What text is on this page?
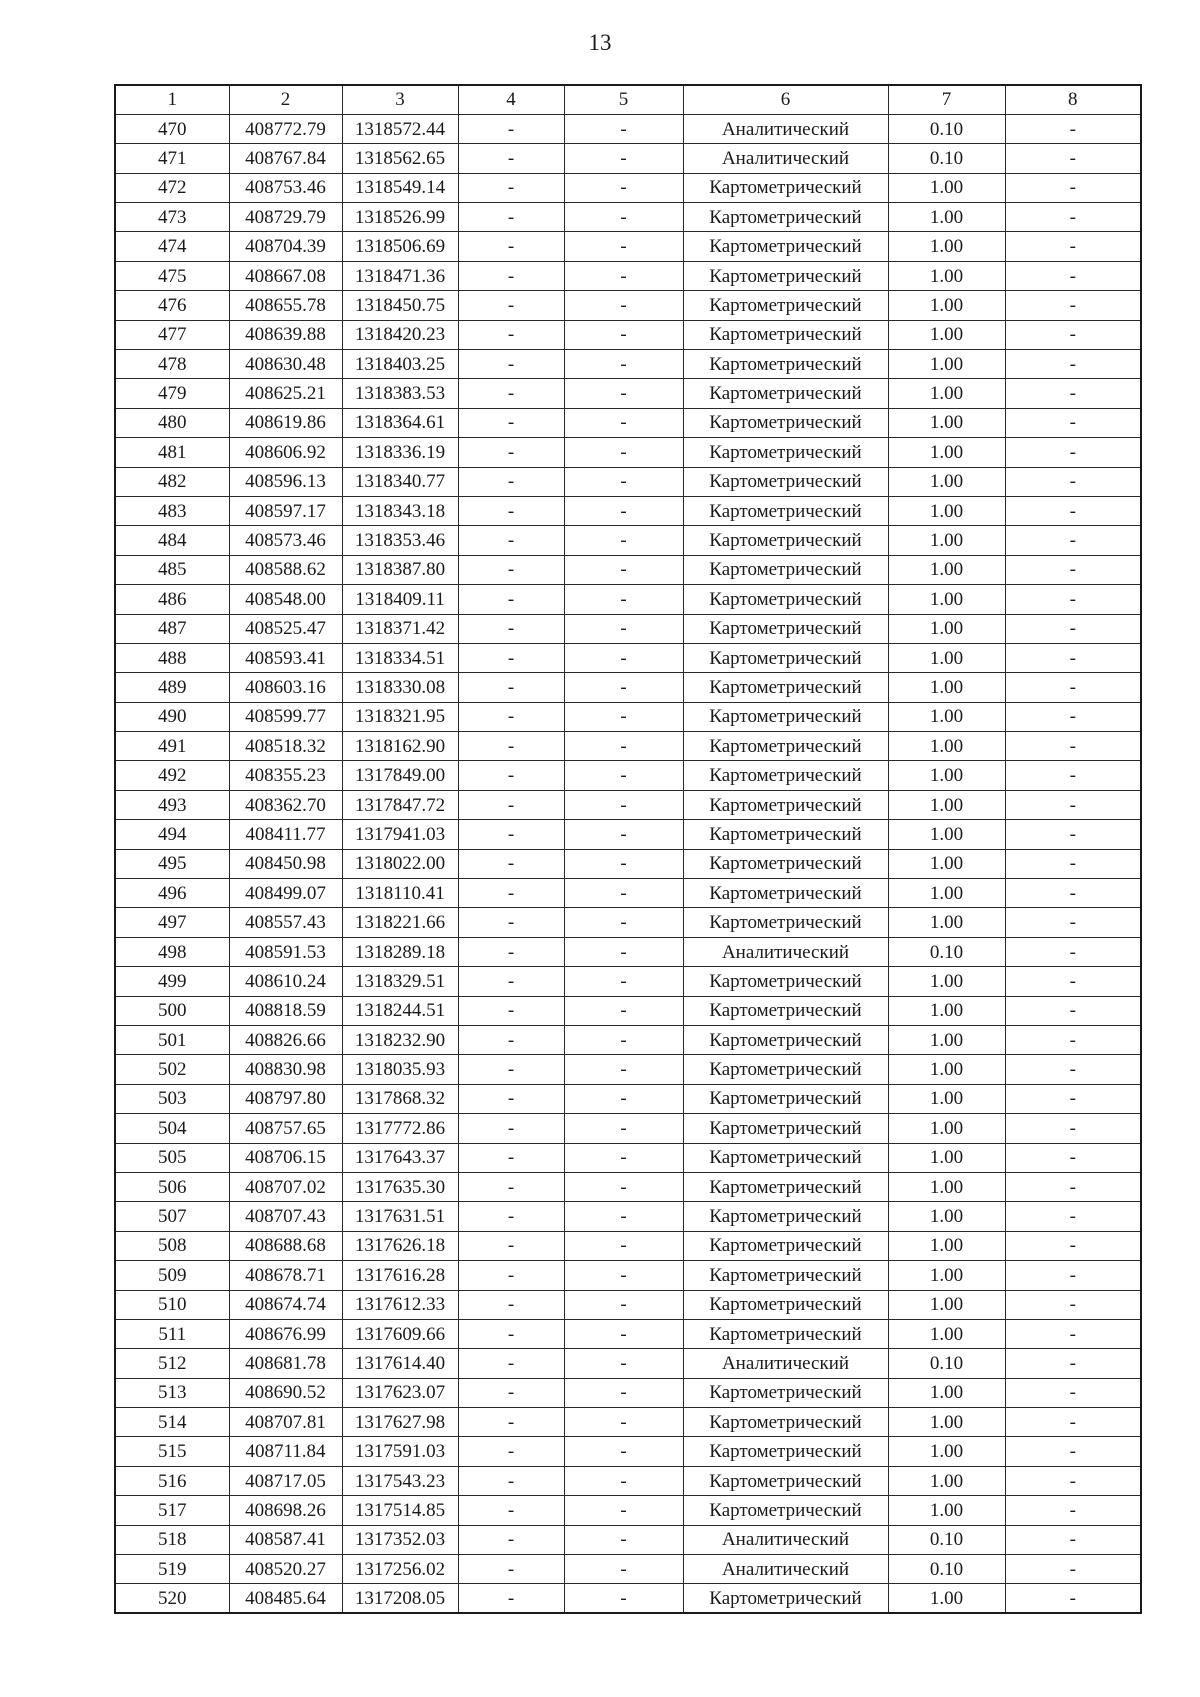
13
1	2	3	4	5	6	7	8
470	408772.79	1318572.44	-	-	Аналитический	0.10	-
471	408767.84	1318562.65	-	-	Аналитический	0.10	-
472	408753.46	1318549.14	-	-	Картометрический	1.00	-
473	408729.79	1318526.99	-	-	Картометрический	1.00	-
474	408704.39	1318506.69	-	-	Картометрический	1.00	-
475	408667.08	1318471.36	-	-	Картометрический	1.00	-
476	408655.78	1318450.75	-	-	Картометрический	1.00	-
477	408639.88	1318420.23	-	-	Картометрический	1.00	-
478	408630.48	1318403.25	-	-	Картометрический	1.00	-
479	408625.21	1318383.53	-	-	Картометрический	1.00	-
480	408619.86	1318364.61	-	-	Картометрический	1.00	-
481	408606.92	1318336.19	-	-	Картометрический	1.00	-
482	408596.13	1318340.77	-	-	Картометрический	1.00	-
483	408597.17	1318343.18	-	-	Картометрический	1.00	-
484	408573.46	1318353.46	-	-	Картометрический	1.00	-
485	408588.62	1318387.80	-	-	Картометрический	1.00	-
486	408548.00	1318409.11	-	-	Картометрический	1.00	-
487	408525.47	1318371.42	-	-	Картометрический	1.00	-
488	408593.41	1318334.51	-	-	Картометрический	1.00	-
489	408603.16	1318330.08	-	-	Картометрический	1.00	-
490	408599.77	1318321.95	-	-	Картометрический	1.00	-
491	408518.32	1318162.90	-	-	Картометрический	1.00	-
492	408355.23	1317849.00	-	-	Картометрический	1.00	-
493	408362.70	1317847.72	-	-	Картометрический	1.00	-
494	408411.77	1317941.03	-	-	Картометрический	1.00	-
495	408450.98	1318022.00	-	-	Картометрический	1.00	-
496	408499.07	1318110.41	-	-	Картометрический	1.00	-
497	408557.43	1318221.66	-	-	Картометрический	1.00	-
498	408591.53	1318289.18	-	-	Аналитический	0.10	-
499	408610.24	1318329.51	-	-	Картометрический	1.00	-
500	408818.59	1318244.51	-	-	Картометрический	1.00	-
501	408826.66	1318232.90	-	-	Картометрический	1.00	-
502	408830.98	1318035.93	-	-	Картометрический	1.00	-
503	408797.80	1317868.32	-	-	Картометрический	1.00	-
504	408757.65	1317772.86	-	-	Картометрический	1.00	-
505	408706.15	1317643.37	-	-	Картометрический	1.00	-
506	408707.02	1317635.30	-	-	Картометрический	1.00	-
507	408707.43	1317631.51	-	-	Картометрический	1.00	-
508	408688.68	1317626.18	-	-	Картометрический	1.00	-
509	408678.71	1317616.28	-	-	Картометрический	1.00	-
510	408674.74	1317612.33	-	-	Картометрический	1.00	-
511	408676.99	1317609.66	-	-	Картометрический	1.00	-
512	408681.78	1317614.40	-	-	Аналитический	0.10	-
513	408690.52	1317623.07	-	-	Картометрический	1.00	-
514	408707.81	1317627.98	-	-	Картометрический	1.00	-
515	408711.84	1317591.03	-	-	Картометрический	1.00	-
516	408717.05	1317543.23	-	-	Картометрический	1.00	-
517	408698.26	1317514.85	-	-	Картометрический	1.00	-
518	408587.41	1317352.03	-	-	Аналитический	0.10	-
519	408520.27	1317256.02	-	-	Аналитический	0.10	-
520	408485.64	1317208.05	-	-	Картометрический	1.00	-
